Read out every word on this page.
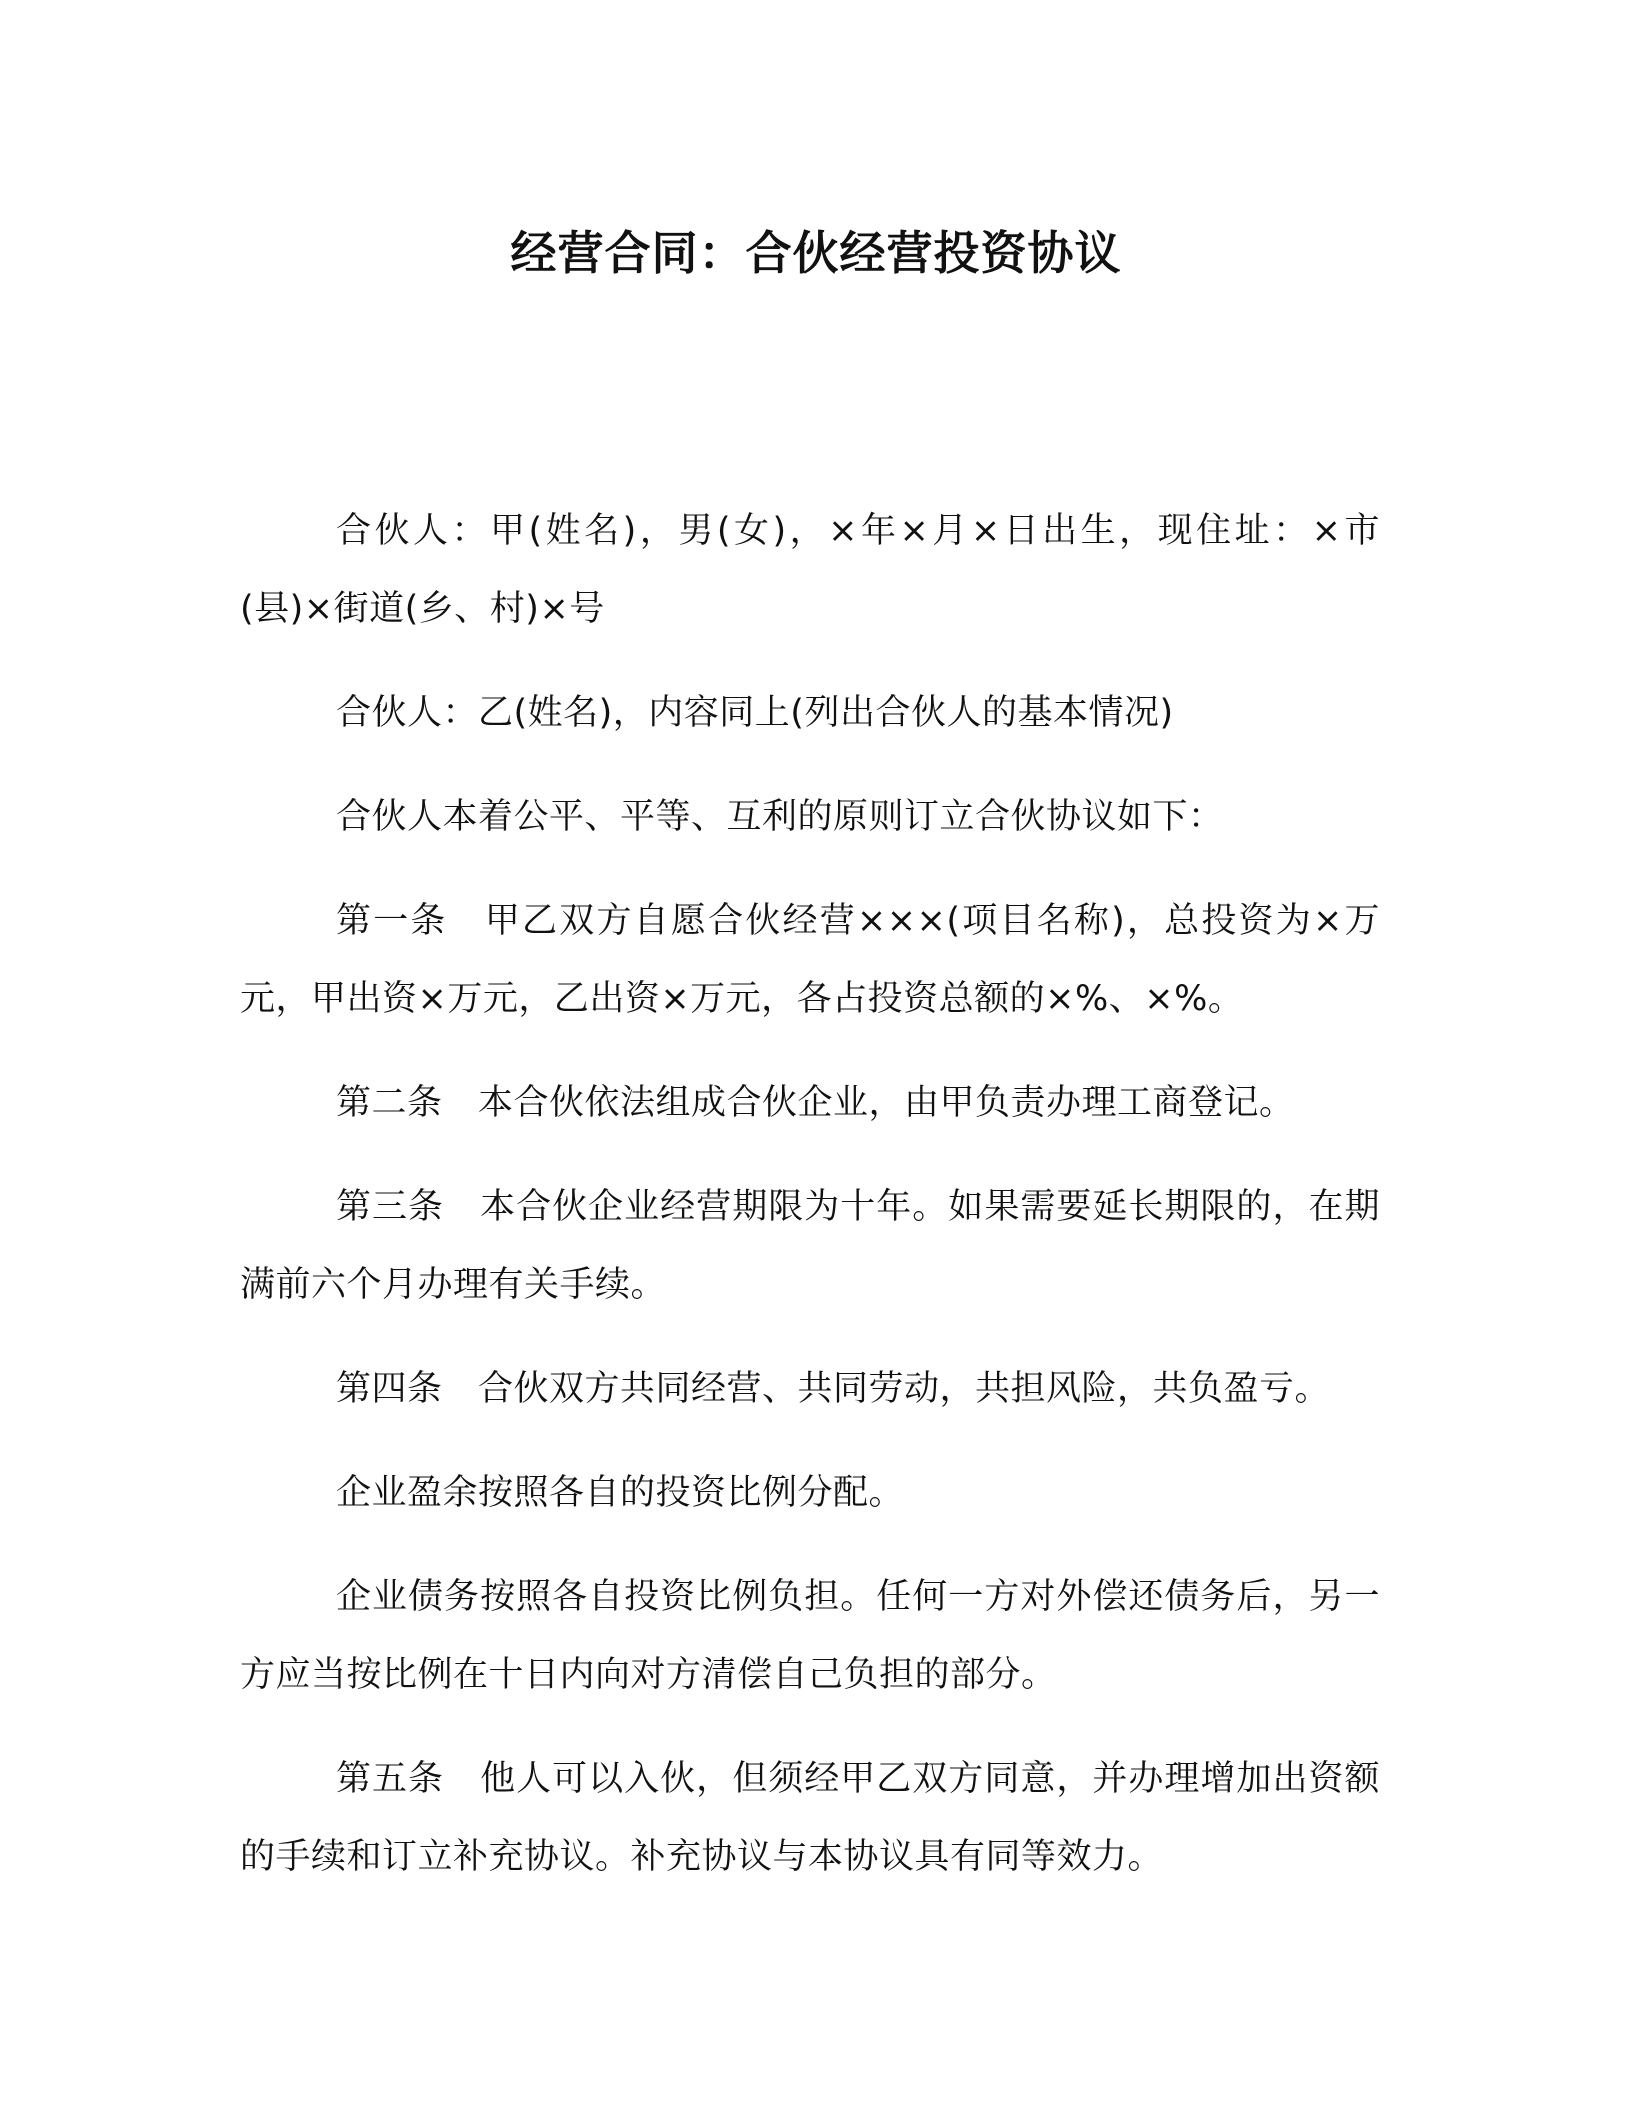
经营合同：合伙经营投资协议

合伙人：甲(姓名)，男(女)，×年×月×日出生，现住址：×市(县)×街道(乡、村)×号

合伙人：乙(姓名)，内容同上(列出合伙人的基本情况)

合伙人本着公平、平等、互利的原则订立合伙协议如下：

第一条　甲乙双方自愿合伙经营×××(项目名称)，总投资为×万元，甲出资×万元，乙出资×万元，各占投资总额的×%、×%。

第二条　本合伙依法组成合伙企业，由甲负责办理工商登记。

第三条　本合伙企业经营期限为十年。如果需要延长期限的，在期满前六个月办理有关手续。

第四条　合伙双方共同经营、共同劳动，共担风险，共负盈亏。

企业盈余按照各自的投资比例分配。

企业债务按照各自投资比例负担。任何一方对外偿还债务后，另一方应当按比例在十日内向对方清偿自己负担的部分。

第五条　他人可以入伙，但须经甲乙双方同意，并办理增加出资额的手续和订立补充协议。补充协议与本协议具有同等效力。
